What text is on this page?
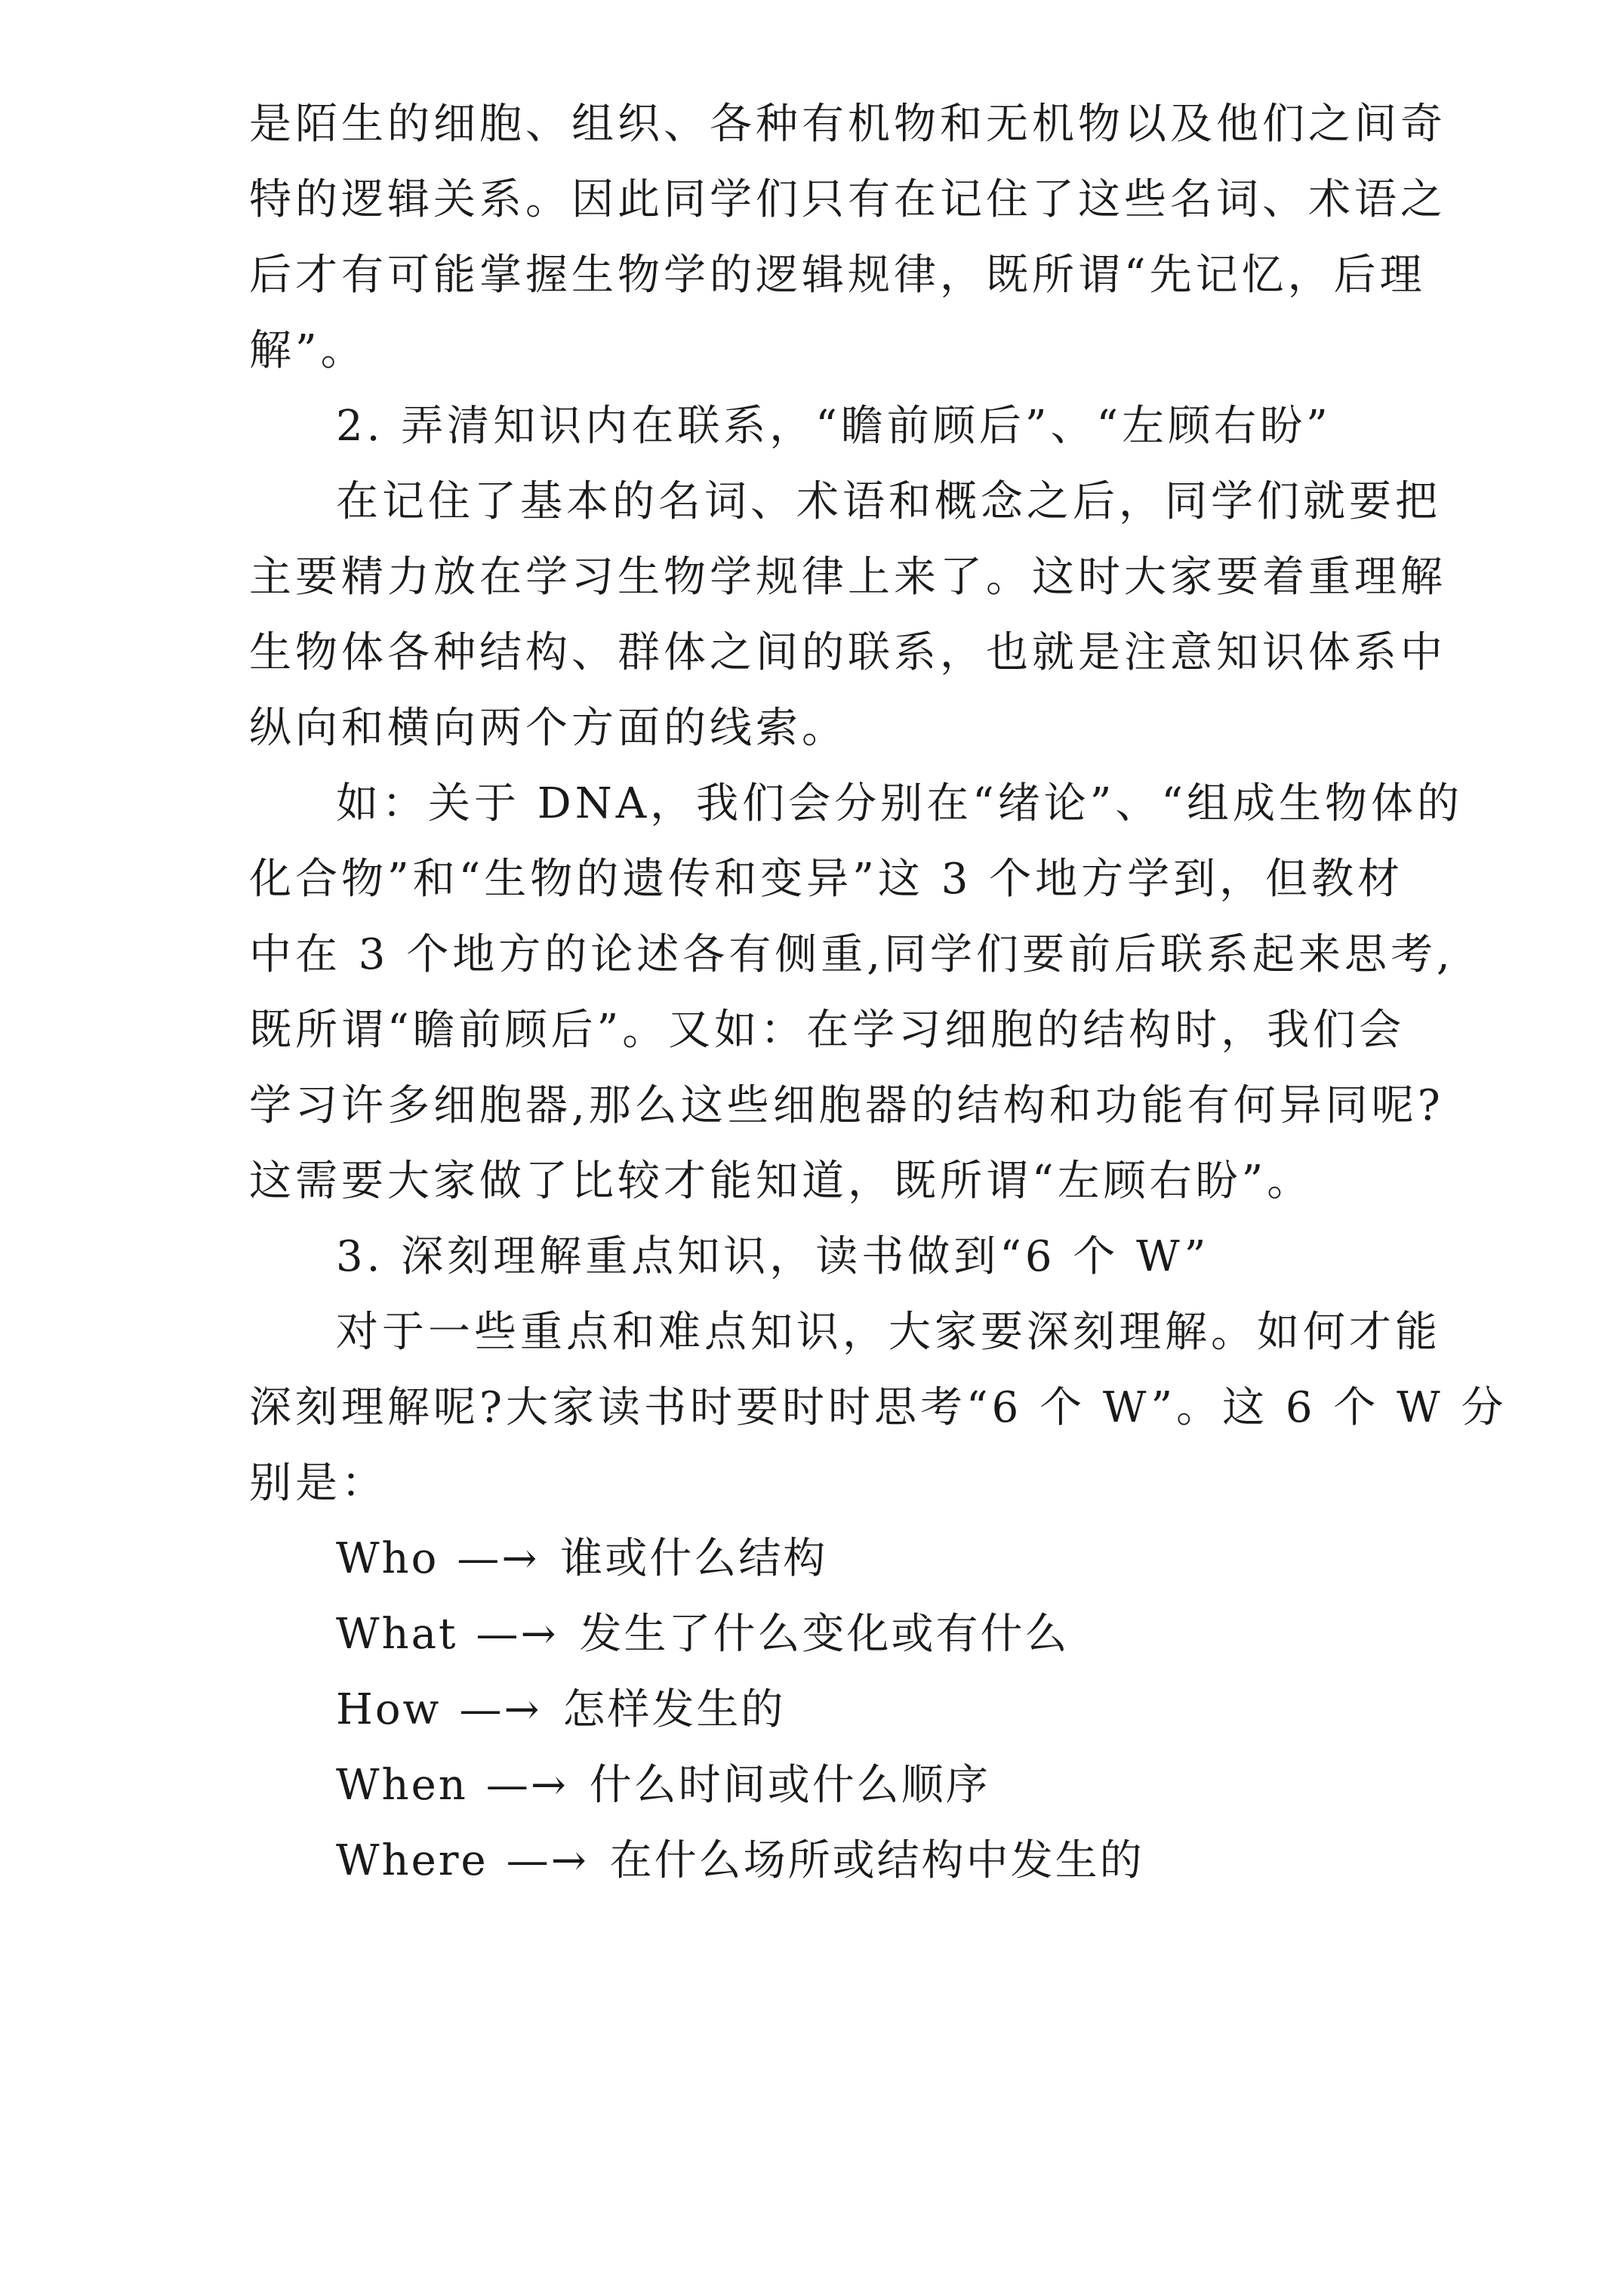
是陌生的细胞、组织、各种有机物和无机物以及他们之间奇
特的逻辑关系。因此同学们只有在记住了这些名词、术语之
后才有可能掌握生物学的逻辑规律，既所谓“先记忆，后理
解”。
2. 弄清知识内在联系，“瞻前顾后”、“左顾右盼”
在记住了基本的名词、术语和概念之后，同学们就要把
主要精力放在学习生物学规律上来了。这时大家要着重理解
生物体各种结构、群体之间的联系，也就是注意知识体系中
纵向和横向两个方面的线索。
如：关于 DNA，我们会分别在“绪论”、“组成生物体的
化合物”和“生物的遗传和变异”这 3 个地方学到，但教材
中在 3 个地方的论述各有侧重,同学们要前后联系起来思考,
既所谓“瞻前顾后”。又如：在学习细胞的结构时，我们会
学习许多细胞器,那么这些细胞器的结构和功能有何异同呢?
这需要大家做了比较才能知道，既所谓“左顾右盼”。
3. 深刻理解重点知识，读书做到“6 个 W”
对于一些重点和难点知识，大家要深刻理解。如何才能
深刻理解呢?大家读书时要时时思考“6 个 W”。这 6 个 W 分
别是：
Who —→ 谁或什么结构
What —→ 发生了什么变化或有什么
How —→ 怎样发生的
When —→ 什么时间或什么顺序
Where —→ 在什么场所或结构中发生的
